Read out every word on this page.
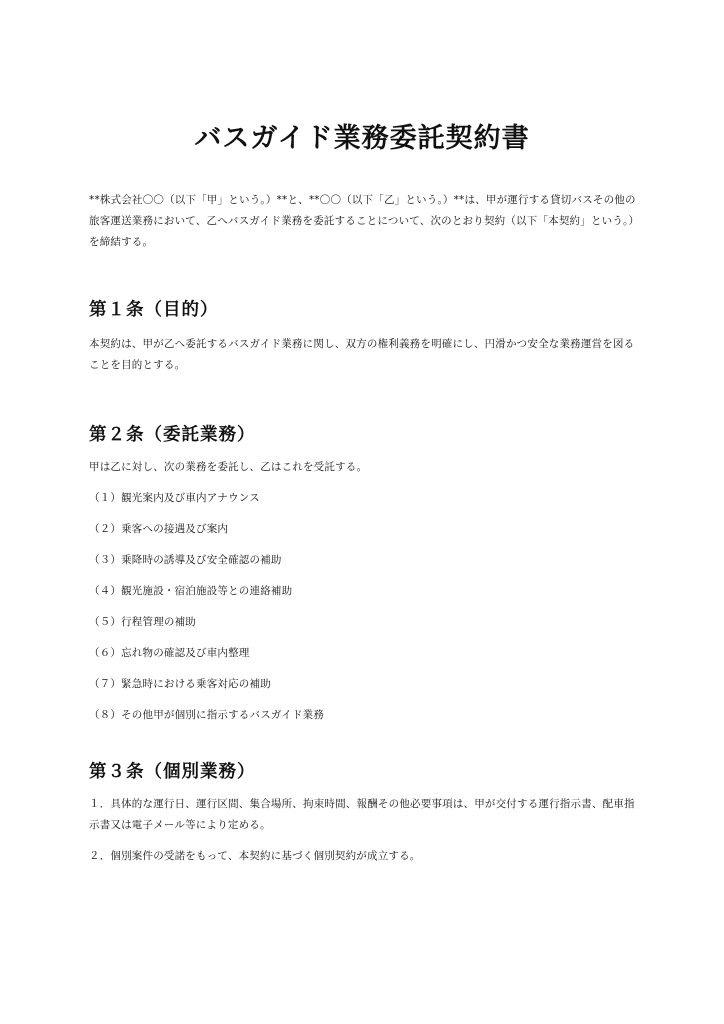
バスガイド業務委託契約書

**株式会社〇〇（以下「甲」という。）**と、**〇〇（以下「乙」という。）**は、甲が運行する貸切バスその他の旅客運送業務において、乙へバスガイド業務を委託することについて、次のとおり契約（以下「本契約」という。）を締結する。

第１条（目的）

本契約は、甲が乙へ委託するバスガイド業務に関し、双方の権利義務を明確にし、円滑かつ安全な業務運営を図ることを目的とする。

第２条（委託業務）

甲は乙に対し、次の業務を委託し、乙はこれを受託する。

（１）観光案内及び車内アナウンス
（２）乗客への接遇及び案内
（３）乗降時の誘導及び安全確認の補助
（４）観光施設・宿泊施設等との連絡補助
（５）行程管理の補助
（６）忘れ物の確認及び車内整理
（７）緊急時における乗客対応の補助
（８）その他甲が個別に指示するバスガイド業務
第３条（個別業務）

１．具体的な運行日、運行区間、集合場所、拘束時間、報酬その他必要事項は、甲が交付する運行指示書、配車指示書又は電子メール等により定める。

２．個別案件の受諾をもって、本契約に基づく個別契約が成立する。
